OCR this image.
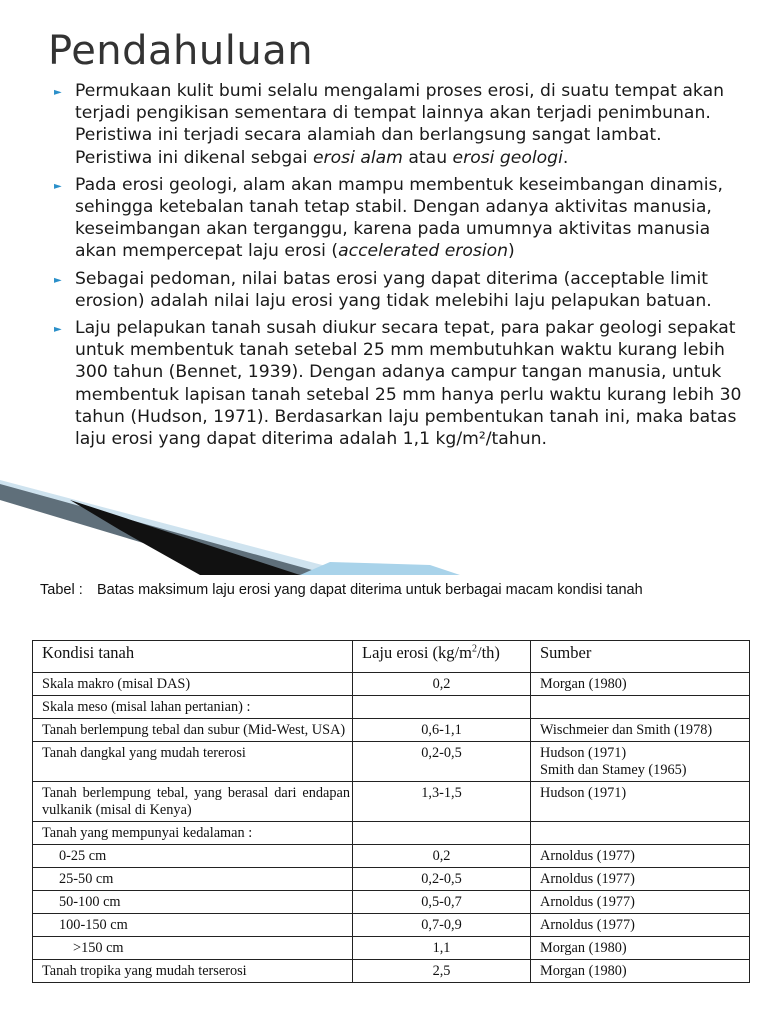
Pendahuluan
► Permukaan kulit bumi selalu mengalami proses erosi, di suatu tempat akan terjadi pengikisan sementara di tempat lainnya akan terjadi penimbunan. Peristiwa ini terjadi secara alamiah dan berlangsung sangat lambat. Peristiwa ini dikenal sebgai erosi alam atau erosi geologi.
► Pada erosi geologi, alam akan mampu membentuk keseimbangan dinamis, sehingga ketebalan tanah tetap stabil. Dengan adanya aktivitas manusia, keseimbangan akan terganggu, karena pada umumnya aktivitas manusia akan mempercepat laju erosi (accelerated erosion)
► Sebagai pedoman, nilai batas erosi yang dapat diterima (acceptable limit erosion) adalah nilai laju erosi yang tidak melebihi laju pelapukan batuan.
► Laju pelapukan tanah susah diukur secara tepat, para pakar geologi sepakat untuk membentuk tanah setebal 25 mm membutuhkan waktu kurang lebih 300 tahun (Bennet, 1939). Dengan adanya campur tangan manusia, untuk membentuk lapisan tanah setebal 25 mm hanya perlu waktu kurang lebih 30 tahun (Hudson, 1971). Berdasarkan laju pembentukan tanah ini, maka batas laju erosi yang dapat diterima adalah 1,1 kg/m²/tahun.
Tabel : Batas maksimum laju erosi yang dapat diterima untuk berbagai macam kondisi tanah
Kondisi tanah	Laju erosi $(kg/m^2/th)$	Sumber
Skala makro (misal DAS)	0,2	Morgan (1980)

Skala meso (misal lahan pertanian) :		
Tanah berlempung tebal dan subur (Mid-West, USA)	0,6-1,1	Wischmeier dan Smith (1978)

Tanah dangkal yang mudah tererosi	0,2-0,5	Hudson (1971)
Smith dan Stamey (1965)

Tanah berlempung tebal, yang berasal dari endapan vulkanik (misal di Kenya)	1,3-1,5	Hudson (1971)

Tanah yang mempunyai kedalaman :		
0-25 cm	0,2	Arnoldus (1977)

25-50 cm	0,2-0,5	Arnoldus (1977)

50-100 cm	0,5-0,7	Arnoldus (1977)

100-150 cm	0,7-0,9	Arnoldus (1977)

>150 cm	1,1	Morgan (1980)

Tanah tropika yang mudah terserosi	2,5	Morgan (1980)
